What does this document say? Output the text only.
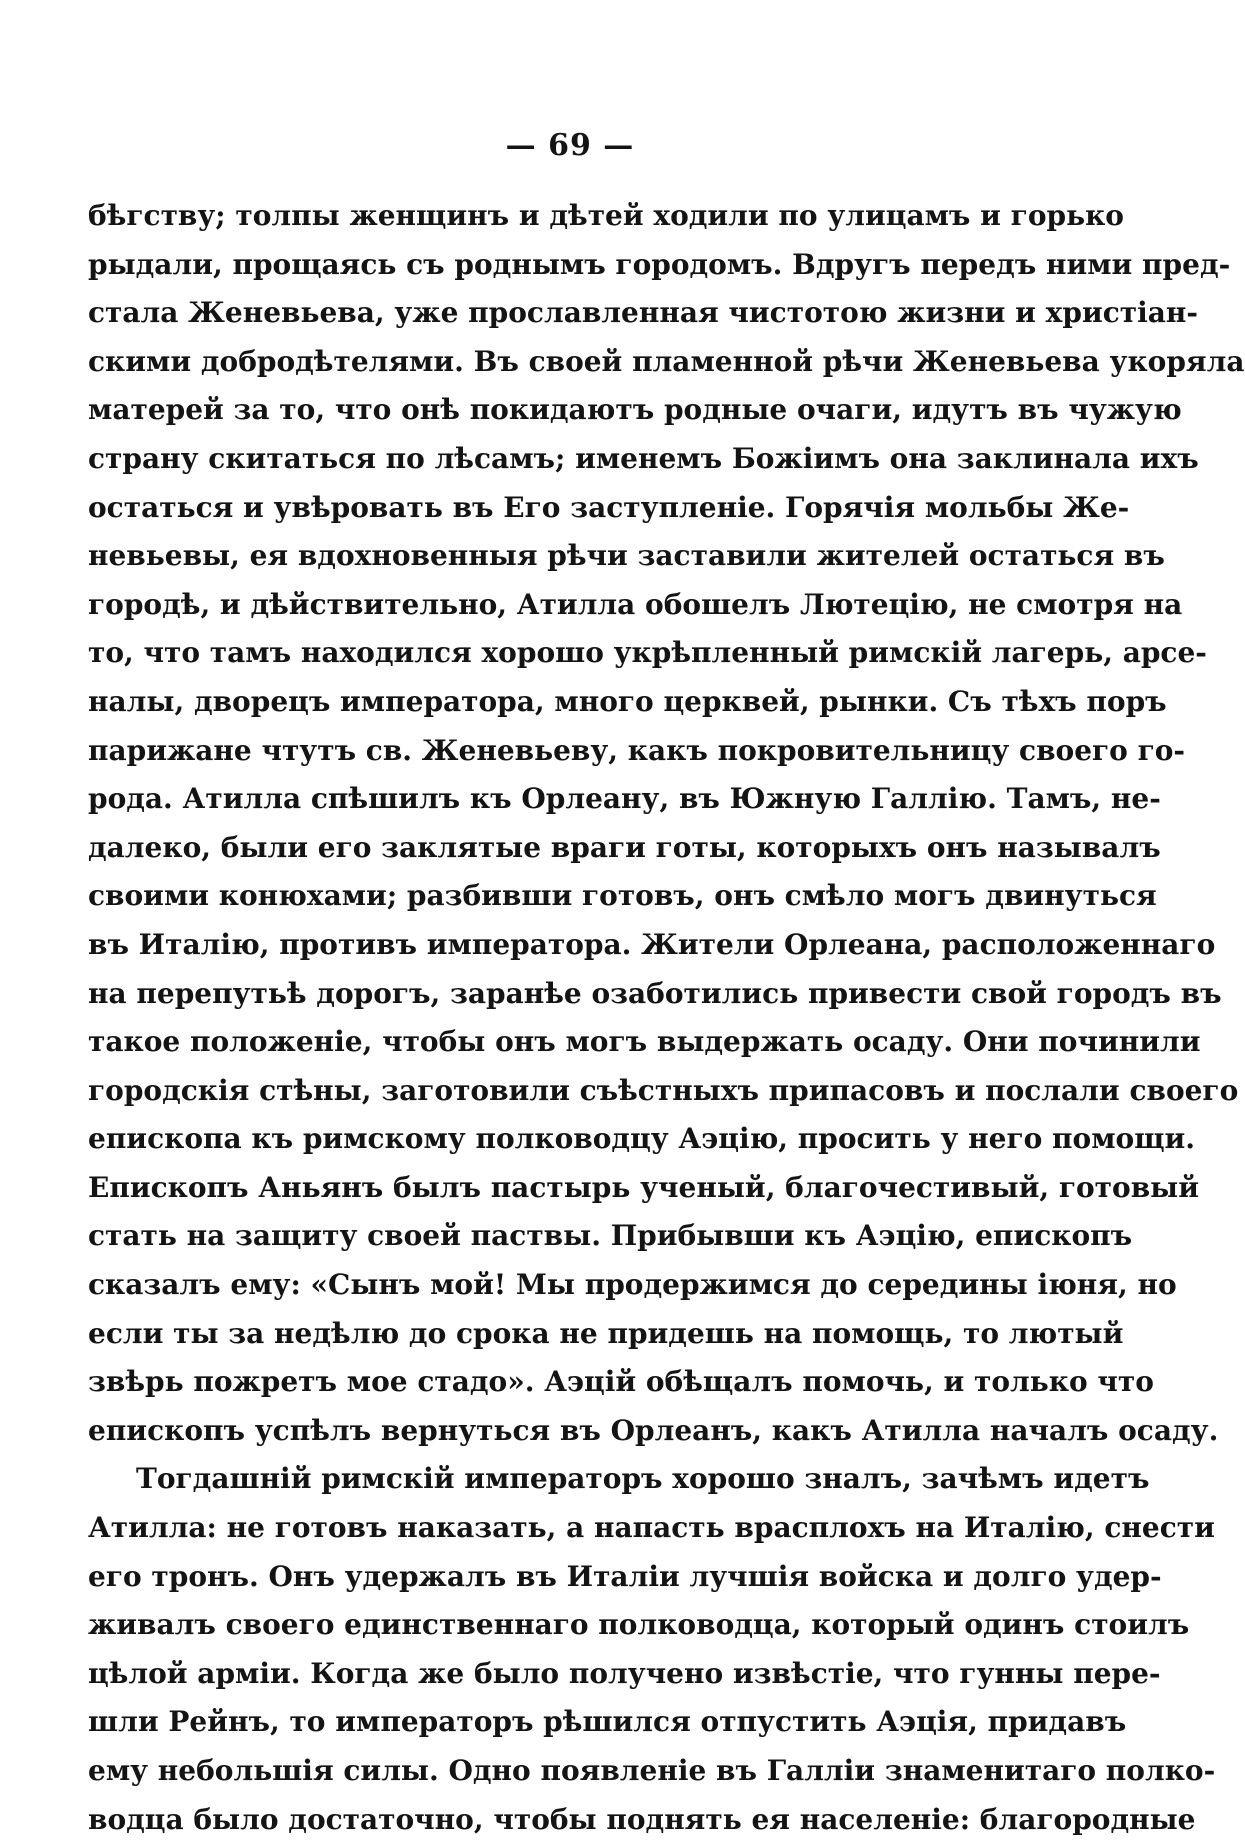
— 69 —
бѣгству; толпы женщинъ и дѣтей ходили по улицамъ и горько
рыдали, прощаясь съ роднымъ городомъ. Вдругъ передъ ними пред-
стала Женевьева, уже прославленная чистотою жизни и христіан-
скими добродѣтелями. Въ своей пламенной рѣчи Женевьева укоряла
матерей за то, что онѣ покидаютъ родные очаги, идутъ въ чужую
страну скитаться по лѣсамъ; именемъ Божіимъ она заклинала ихъ
остаться и увѣровать въ Его заступленіе. Горячія мольбы Же-
невьевы, ея вдохновенныя рѣчи заставили жителей остаться въ
городѣ, и дѣйствительно, Атилла обошелъ Лютецію, не смотря на
то, что тамъ находился хорошо укрѣпленный римскій лагерь, арсе-
налы, дворецъ императора, много церквей, рынки. Съ тѣхъ поръ
парижане чтутъ св. Женевьеву, какъ покровительницу своего го-
рода. Атилла спѣшилъ къ Орлеану, въ Южную Галлію. Тамъ, не-
далеко, были его заклятые враги готы, которыхъ онъ называлъ
своими конюхами; разбивши готовъ, онъ смѣло могъ двинуться
въ Италію, противъ императора. Жители Орлеана, расположеннаго
на перепутьѣ дорогъ, заранѣе озаботились привести свой городъ въ
такое положеніе, чтобы онъ могъ выдержать осаду. Они починили
городскія стѣны, заготовили съѣстныхъ припасовъ и послали своего
епископа къ римскому полководцу Аэцію, просить у него помощи.
Епископъ Аньянъ былъ пастырь ученый, благочестивый, готовый
стать на защиту своей паствы. Прибывши къ Аэцію, епископъ
сказалъ ему: «Сынъ мой! Мы продержимся до середины іюня, но
если ты за недѣлю до срока не придешь на помощь, то лютый
звѣрь пожретъ мое стадо». Аэцій обѣщалъ помочь, и только что
епископъ успѣлъ вернуться въ Орлеанъ, какъ Атилла началъ осаду.
Тогдашній римскій императоръ хорошо зналъ, зачѣмъ идетъ
Атилла: не готовъ наказать, а напасть врасплохъ на Италію, снести
его тронъ. Онъ удержалъ въ Италіи лучшія войска и долго удер-
живалъ своего единственнаго полководца, который одинъ стоилъ
цѣлой арміи. Когда же было получено извѣстіе, что гунны пере-
шли Рейнъ, то императоръ рѣшился отпустить Аэція, придавъ
ему небольшія силы. Одно появленіе въ Галліи знаменитаго полко-
водца было достаточно, чтобы поднять ея населеніе: благородные
